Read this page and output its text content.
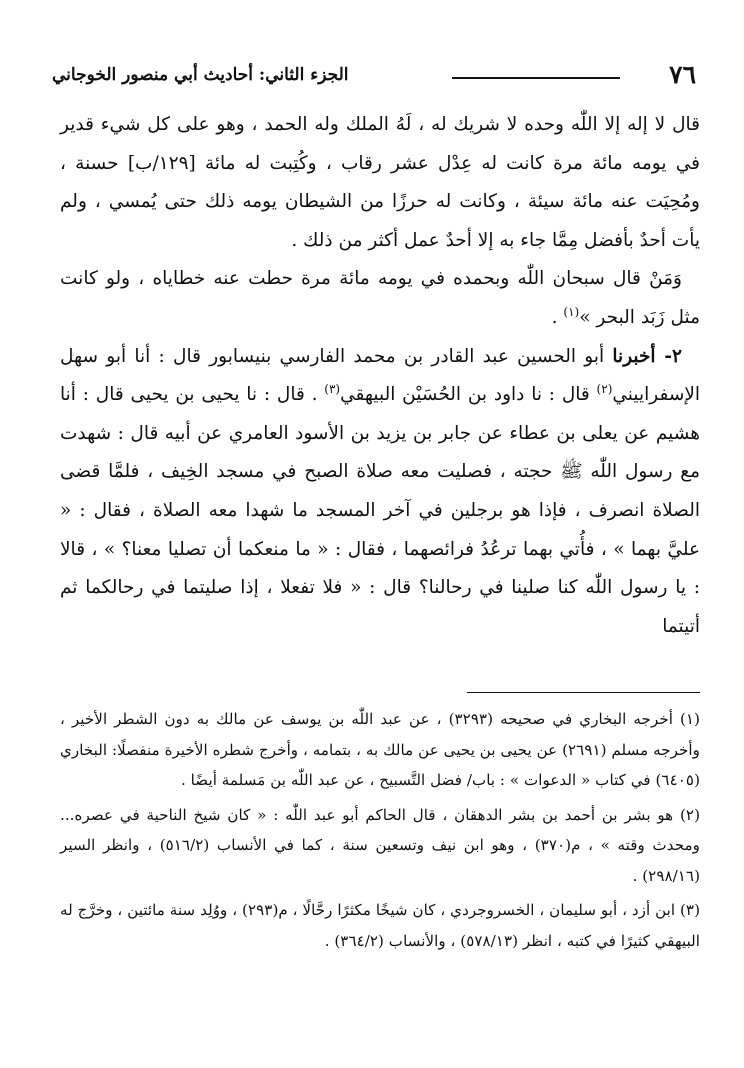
٧٦
الجزء الثاني: أحاديث أبي منصور الخوجاني

قال لا إله إلا اللّٰه وحده لا شريك له ، لَهُ الملك وله الحمد ، وهو على كل شيء قدير في يومه مائة مرة كانت له عِدْل عشر رقاب ، وكُتِبت له مائة [١٢٩/ب] حسنة ، ومُحِيَت عنه مائة سيئة ، وكانت له حرزًا من الشيطان يومه ذلك حتى يُمسي ، ولم يأت أحدٌ بأفضل مِمَّا جاء به إلا أحدٌ عمل أكثر من ذلك .

وَمَنْ قال سبحان اللّٰه وبحمده في يومه مائة مرة حطت عنه خطاياه ، ولو كانت مثل زَبَد البحر »$^{(١)}$ .

٢- أخبرنا أبو الحسين عبد القادر بن محمد الفارسي بنيسابور قال : أنا أبو سهل الإسفراييني$^{(٢)}$ قال : نا داود بن الحُسَيْن البيهقي$^{(٣)}$ . قال : نا يحيى بن يحيى قال : أنا هشيم عن يعلى بن عطاء عن جابر بن يزيد بن الأسود العامري عن أبيه قال : شهدت مع رسول اللّٰه ﷺ حجته ، فصليت معه صلاة الصبح في مسجد الخِيف ، فلمَّا قضى الصلاة انصرف ، فإذا هو برجلين في آخر المسجد ما شهدا معه الصلاة ، فقال : « عليَّ بهما » ، فأُتي بهما ترعُدُ فرائصهما ، فقال : « ما منعكما أن تصليا معنا؟ » ، قالا : يا رسول اللّٰه كنا صلينا في رحالنا؟ قال : « فلا تفعلا ، إذا صليتما في رحالكما ثم أتيتما

(١) أخرجه البخاري في صحيحه (٣٢٩٣) ، عن عبد اللّٰه بن يوسف عن مالك به دون الشطر الأخير ، وأخرجه مسلم (٢٦٩١) عن يحيى بن يحيى عن مالك به ، بتمامه ، وأخرج شطره الأخيرة منفصلًا: البخاري (٦٤٠٥) في كتاب « الدعوات » : باب/ فضل التَّسبيح ، عن عبد اللّٰه بن مَسلمة أيضًا .

(٢) هو بشر بن أحمد بن بشر الدهقان ، قال الحاكم أبو عبد اللّٰه : « كان شيخ الناحية في عصره... ومحدث وقته » ، م(٣٧٠) ، وهو ابن نيف وتسعين سنة ، كما في الأنساب (٥١٦/٢) ، وانظر السير (٢٩٨/١٦) .

(٣) ابن أزد ، أبو سليمان ، الخسروجردي ، كان شيخًا مكثرًا رحَّالًا ، م(٢٩٣) ، ووُلِد سنة مائتين ، وخرَّج له البيهقي كثيرًا في كتبه ، انظر (٥٧٨/١٣) ، والأنساب (٣٦٤/٢) .
